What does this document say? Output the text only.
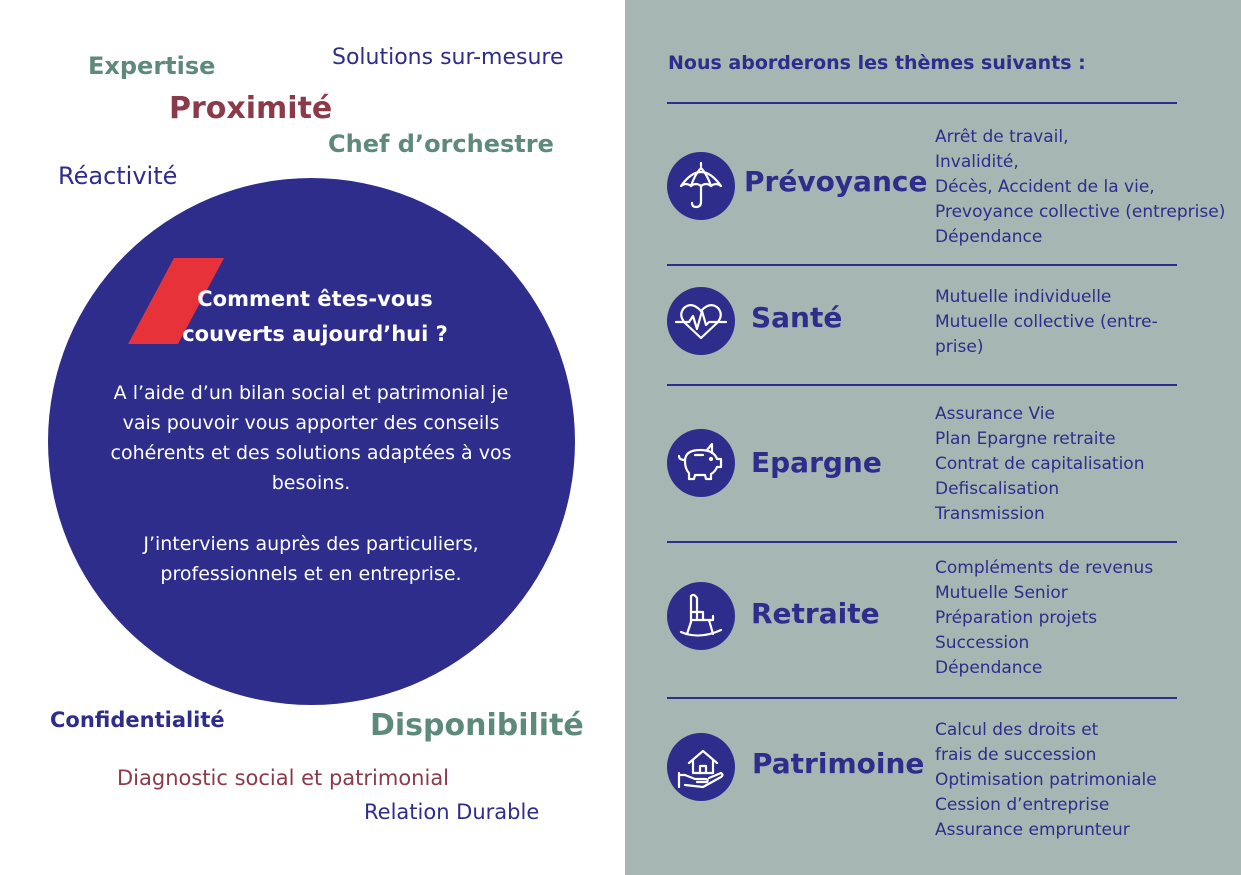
Expertise	Solutions sur-mesure
Proximité
Chef d’orchestre
Réactivité
Comment êtes-vous
couverts aujourd’hui ?
A l’aide d’un bilan social et patrimonial je
vais pouvoir vous apporter des conseils
cohérents et des solutions adaptées à vos
besoins.
J’interviens auprès des particuliers,
professionnels et en entreprise.
Confidentialité	Disponibilité
Diagnostic social et patrimonial
Relation Durable
Nous aborderons les thèmes suivants :
Prévoyance
Arrêt de travail,
Invalidité,
Décès, Accident de la vie,
Prevoyance collective (entreprise)
Dépendance
Santé
Mutuelle individuelle
Mutuelle collective (entre-
prise)
Epargne
Assurance Vie
Plan Epargne retraite
Contrat de capitalisation
Defiscalisation
Transmission
Retraite
Compléments de revenus
Mutuelle Senior
Préparation projets
Succession
Dépendance
Patrimoine
Calcul des droits et
frais de succession
Optimisation patrimoniale
Cession d’entreprise
Assurance emprunteur
